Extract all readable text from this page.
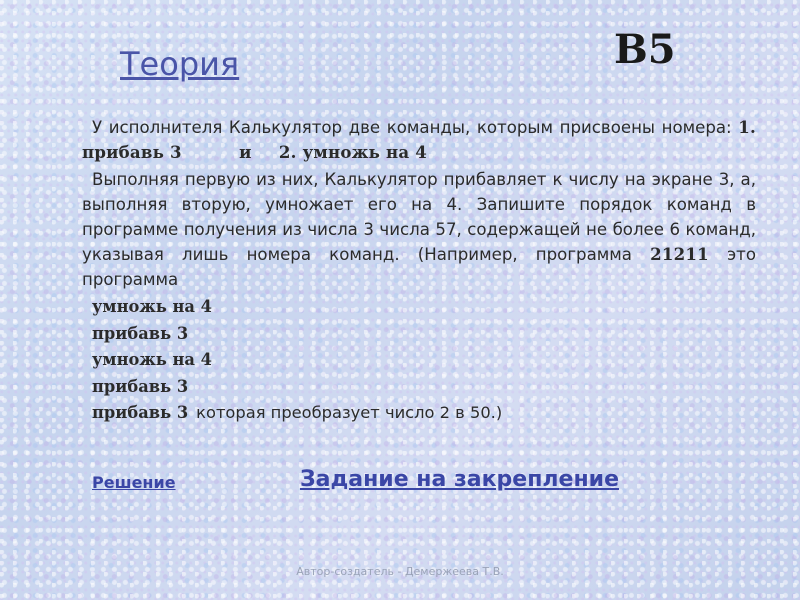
Теория	В5

У исполнителя Калькулятор две команды, которым присвоены номера: 1. прибавь 3	и 2. умножь на 4

Выполняя первую из них, Калькулятор прибавляет к числу на экране 3, а, выполняя вторую, умножает его на 4. Запишите порядок команд в программе получения из числа 3 числа 57, содержащей не более 6 команд, указывая лишь номера команд. (Например, программа 21211 это программа

умножь на 4
прибавь 3
умножь на 4
прибавь 3
прибавь 3 которая преобразует число 2 в 50.)
Решение	Задание на закрепление
Автор-создатель - Демержеева Т.В.
